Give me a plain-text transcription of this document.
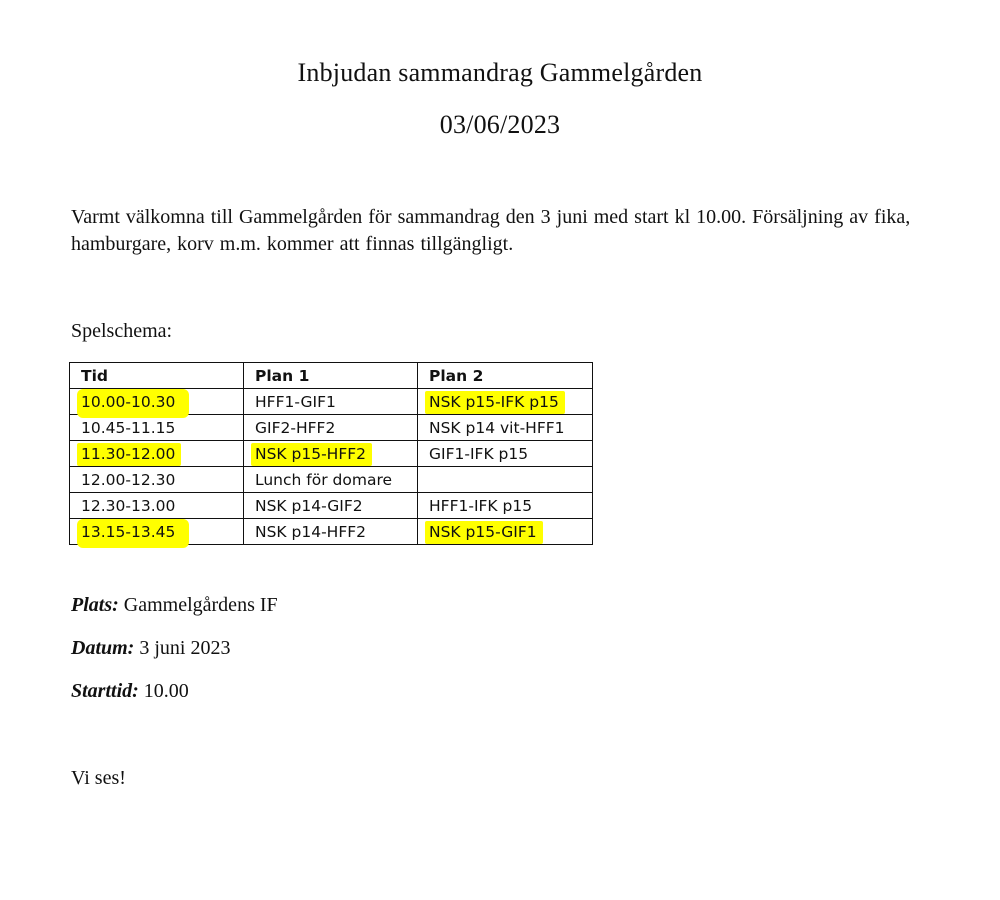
Inbjudan sammandrag Gammelgården
03/06/2023
Varmt välkomna till Gammelgården för sammandrag den 3 juni med start kl 10.00. Försäljning av fika, hamburgare, korv m.m. kommer att finnas tillgängligt.
Spelschema:
Tid	Plan 1	Plan 2
10.00-10.30	HFF1-GIF1	NSK p15-IFK p15
10.45-11.15	GIF2-HFF2	NSK p14 vit-HFF1
11.30-12.00	NSK p15-HFF2	GIF1-IFK p15
12.00-12.30	Lunch för domare	
12.30-13.00	NSK p14-GIF2	HFF1-IFK p15
13.15-13.45	NSK p14-HFF2	NSK p15-GIF1
Plats: Gammelgårdens IF
Datum: 3 juni 2023
Starttid: 10.00
Vi ses!
